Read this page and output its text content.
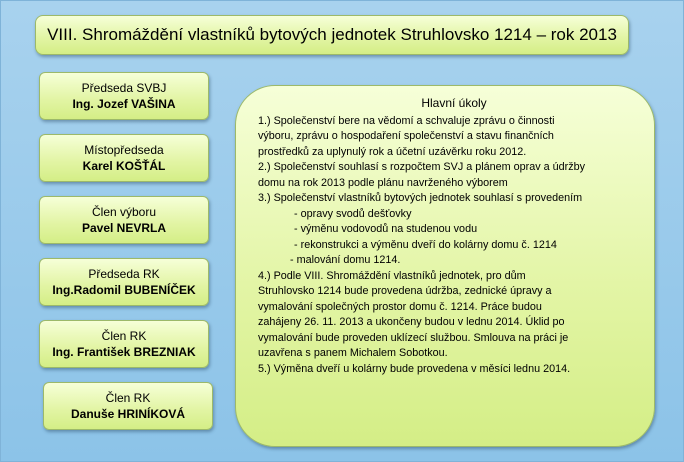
VIII. Shromáždění vlastníků bytových jednotek Struhlovsko 1214 – rok 2013
Předseda SVBJ
Ing. Jozef VAŠINA
Místopředseda
Karel KOŠŤÁL
Člen výboru
Pavel NEVRLA
Předseda RK
Ing.Radomil BUBENÍČEK
Člen RK
Ing. František BREZNIAK
Člen RK
Danuše HRINÍKOVÁ
Hlavní úkoly

1.) Společenství bere na vědomí a schvaluje zprávu o činnosti

výboru, zprávu o hospodaření společenství a stavu finančních

prostředků za uplynulý rok a účetní uzávěrku roku 2012.

2.) Společenství souhlasí s rozpočtem SVJ a plánem oprav a údržby

domu na rok 2013 podle plánu navrženého výborem

3.) Společenství vlastníků bytových jednotek souhlasí s provedením

- opravy svodů dešťovky

- výměnu vodovodů na studenou vodu

- rekonstrukci a výměnu dveří do kolárny domu č. 1214

- malování domu 1214.

4.) Podle VIII. Shromáždění vlastníků jednotek, pro dům

Struhlovsko 1214 bude provedena údržba, zednické úpravy a

vymalování společných prostor domu č. 1214. Práce budou

zahájeny 26. 11. 2013 a ukončeny budou v lednu 2014. Úklid po

vymalování bude proveden uklízecí službou. Smlouva na práci je

uzavřena s panem Michalem Sobotkou.

5.) Výměna dveří u kolárny bude provedena v měsíci lednu 2014.
